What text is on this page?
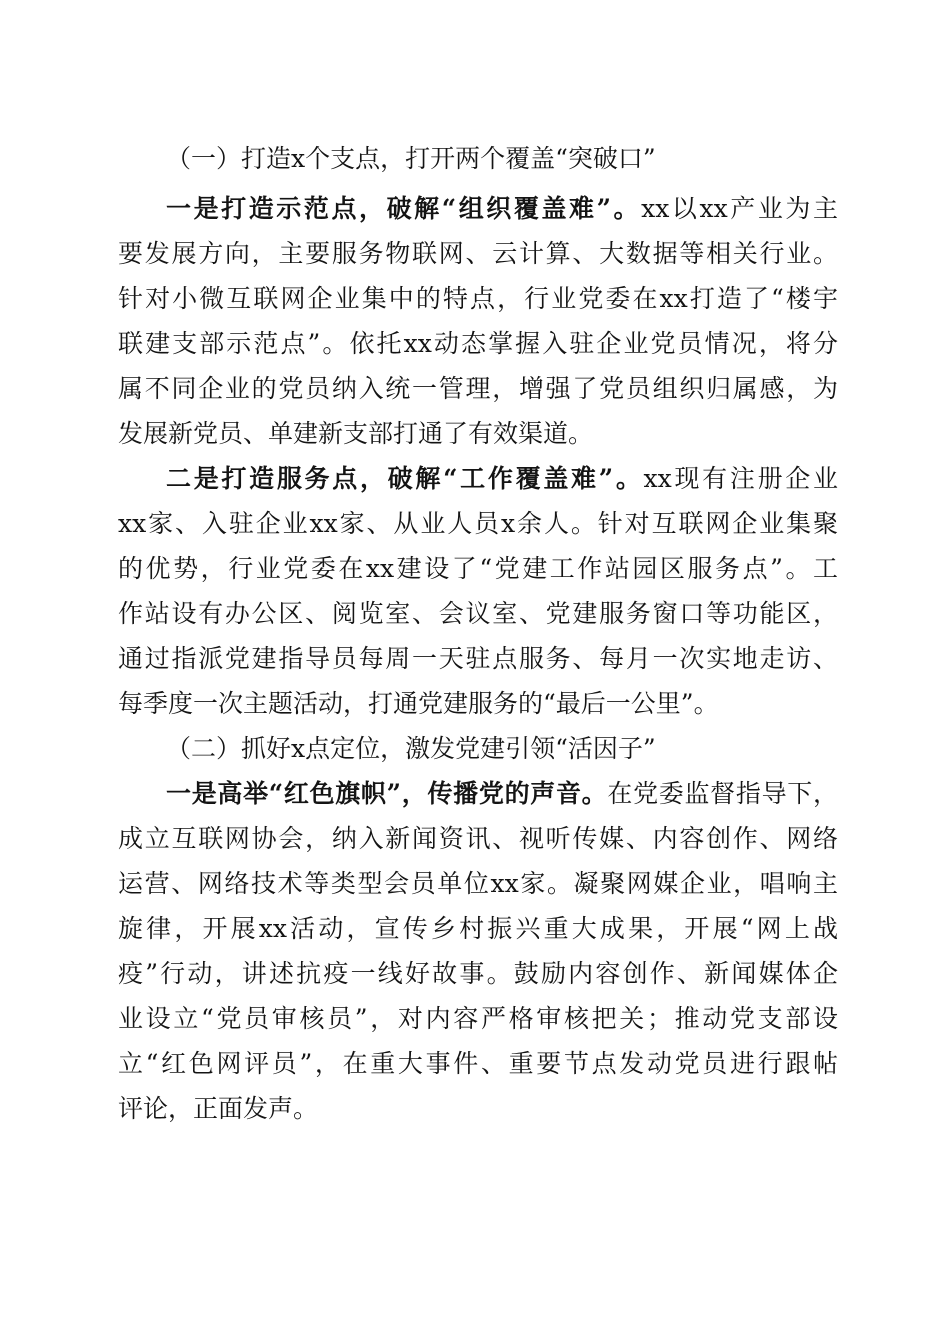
（一）打造x个支点，打开两个覆盖“突破口”
一是打造示范点，破解“组织覆盖难”。xx以xx产业为主
要发展方向，主要服务物联网、云计算、大数据等相关行业。
针对小微互联网企业集中的特点，行业党委在xx打造了“楼宇
联建支部示范点”。依托xx动态掌握入驻企业党员情况，将分
属不同企业的党员纳入统一管理，增强了党员组织归属感，为
发展新党员、单建新支部打通了有效渠道。
二是打造服务点，破解“工作覆盖难”。xx现有注册企业
xx家、入驻企业xx家、从业人员x余人。针对互联网企业集聚
的优势，行业党委在xx建设了“党建工作站园区服务点”。工
作站设有办公区、阅览室、会议室、党建服务窗口等功能区，
通过指派党建指导员每周一天驻点服务、每月一次实地走访、
每季度一次主题活动，打通党建服务的“最后一公里”。
（二）抓好x点定位，激发党建引领“活因子”
一是高举“红色旗帜”，传播党的声音。在党委监督指导下，
成立互联网协会，纳入新闻资讯、视听传媒、内容创作、网络
运营、网络技术等类型会员单位xx家。凝聚网媒企业，唱响主
旋律，开展xx活动，宣传乡村振兴重大成果，开展“网上战
疫”行动，讲述抗疫一线好故事。鼓励内容创作、新闻媒体企
业设立“党员审核员”，对内容严格审核把关；推动党支部设
立“红色网评员”，在重大事件、重要节点发动党员进行跟帖
评论，正面发声。
